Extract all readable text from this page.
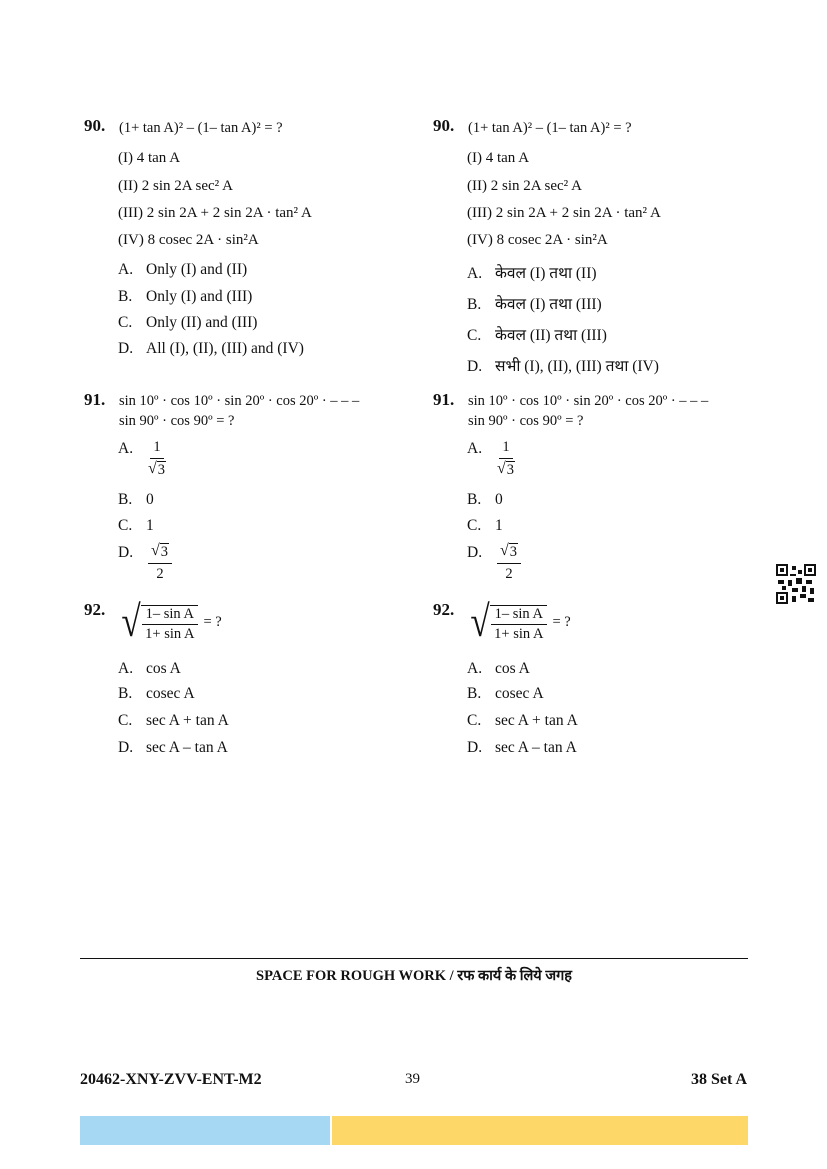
90. (1+ tan A)² – (1– tan A)² = ?
(I) 4 tan A
(II) 2 sin 2A sec² A
(III) 2 sin 2A + 2 sin 2A · tan² A
(IV) 8 cosec 2A · sin²A
A. Only (I) and (II)
B. Only (I) and (III)
C. Only (II) and (III)
D. All (I), (II), (III) and (IV)
91. sin 10º · cos 10º · sin 20º · cos 20º · – – –
sin 90º · cos 90º = ?
A.	$\frac{1}{√ 3}$
B. 0
C. 1
D. $\frac{√ 3}{2}$
92. √ $\frac{\text{1– sin A}}{\text{1+ sin A}}$ = ?
A. cos A
B. cosec A
C. sec A + tan A
D. sec A – tan A
90. (1+ tan A)² – (1– tan A)² = ?
(I) 4 tan A
(II) 2 sin 2A sec² A
(III) 2 sin 2A + 2 sin 2A · tan² A
(IV) 8 cosec 2A · sin²A
A. केवल (I) तथा (II)
B. केवल (I) तथा (III)
C. केवल (II) तथा (III)
D. सभी (I), (II), (III) तथा (IV)
91. sin 10º · cos 10º · sin 20º · cos 20º · – – –
sin 90º · cos 90º = ?
A.	$\frac{1}{√ 3}$
B. 0
C. 1
D. $\frac{√ 3}{2}$
92. √ $\frac{\text{1– sin A}}{\text{1+ sin A}}$ = ?
A. cos A
B. cosec A
C. sec A + tan A
D. sec A – tan A
SPACE FOR ROUGH WORK / रफ कार्य के लिये जगह
20462-XNY-ZVV-ENT-M2	39	38 Set A
